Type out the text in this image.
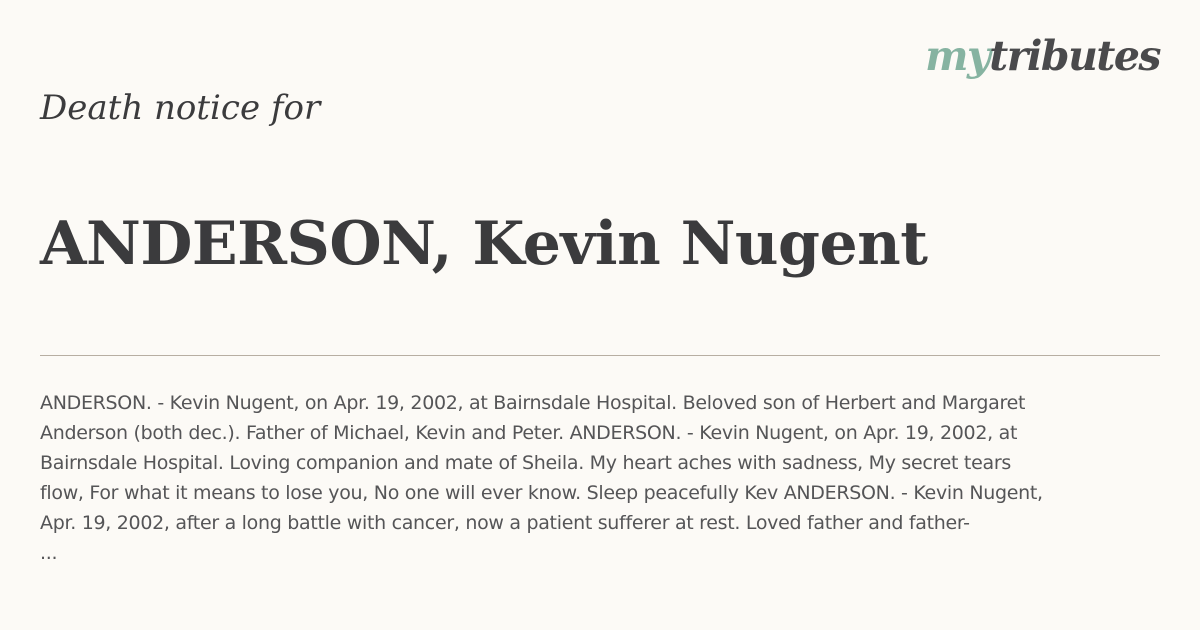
mytributes
Death notice for
ANDERSON, Kevin Nugent

ANDERSON. - Kevin Nugent, on Apr. 19, 2002, at Bairnsdale Hospital. Beloved son of Herbert and Margaret
Anderson (both dec.). Father of Michael, Kevin and Peter. ANDERSON. - Kevin Nugent, on Apr. 19, 2002, at
Bairnsdale Hospital. Loving companion and mate of Sheila. My heart aches with sadness, My secret tears
flow, For what it means to lose you, No one will ever know. Sleep peacefully Kev ANDERSON. - Kevin Nugent,
Apr. 19, 2002, after a long battle with cancer, now a patient sufferer at rest. Loved father and father-
...
